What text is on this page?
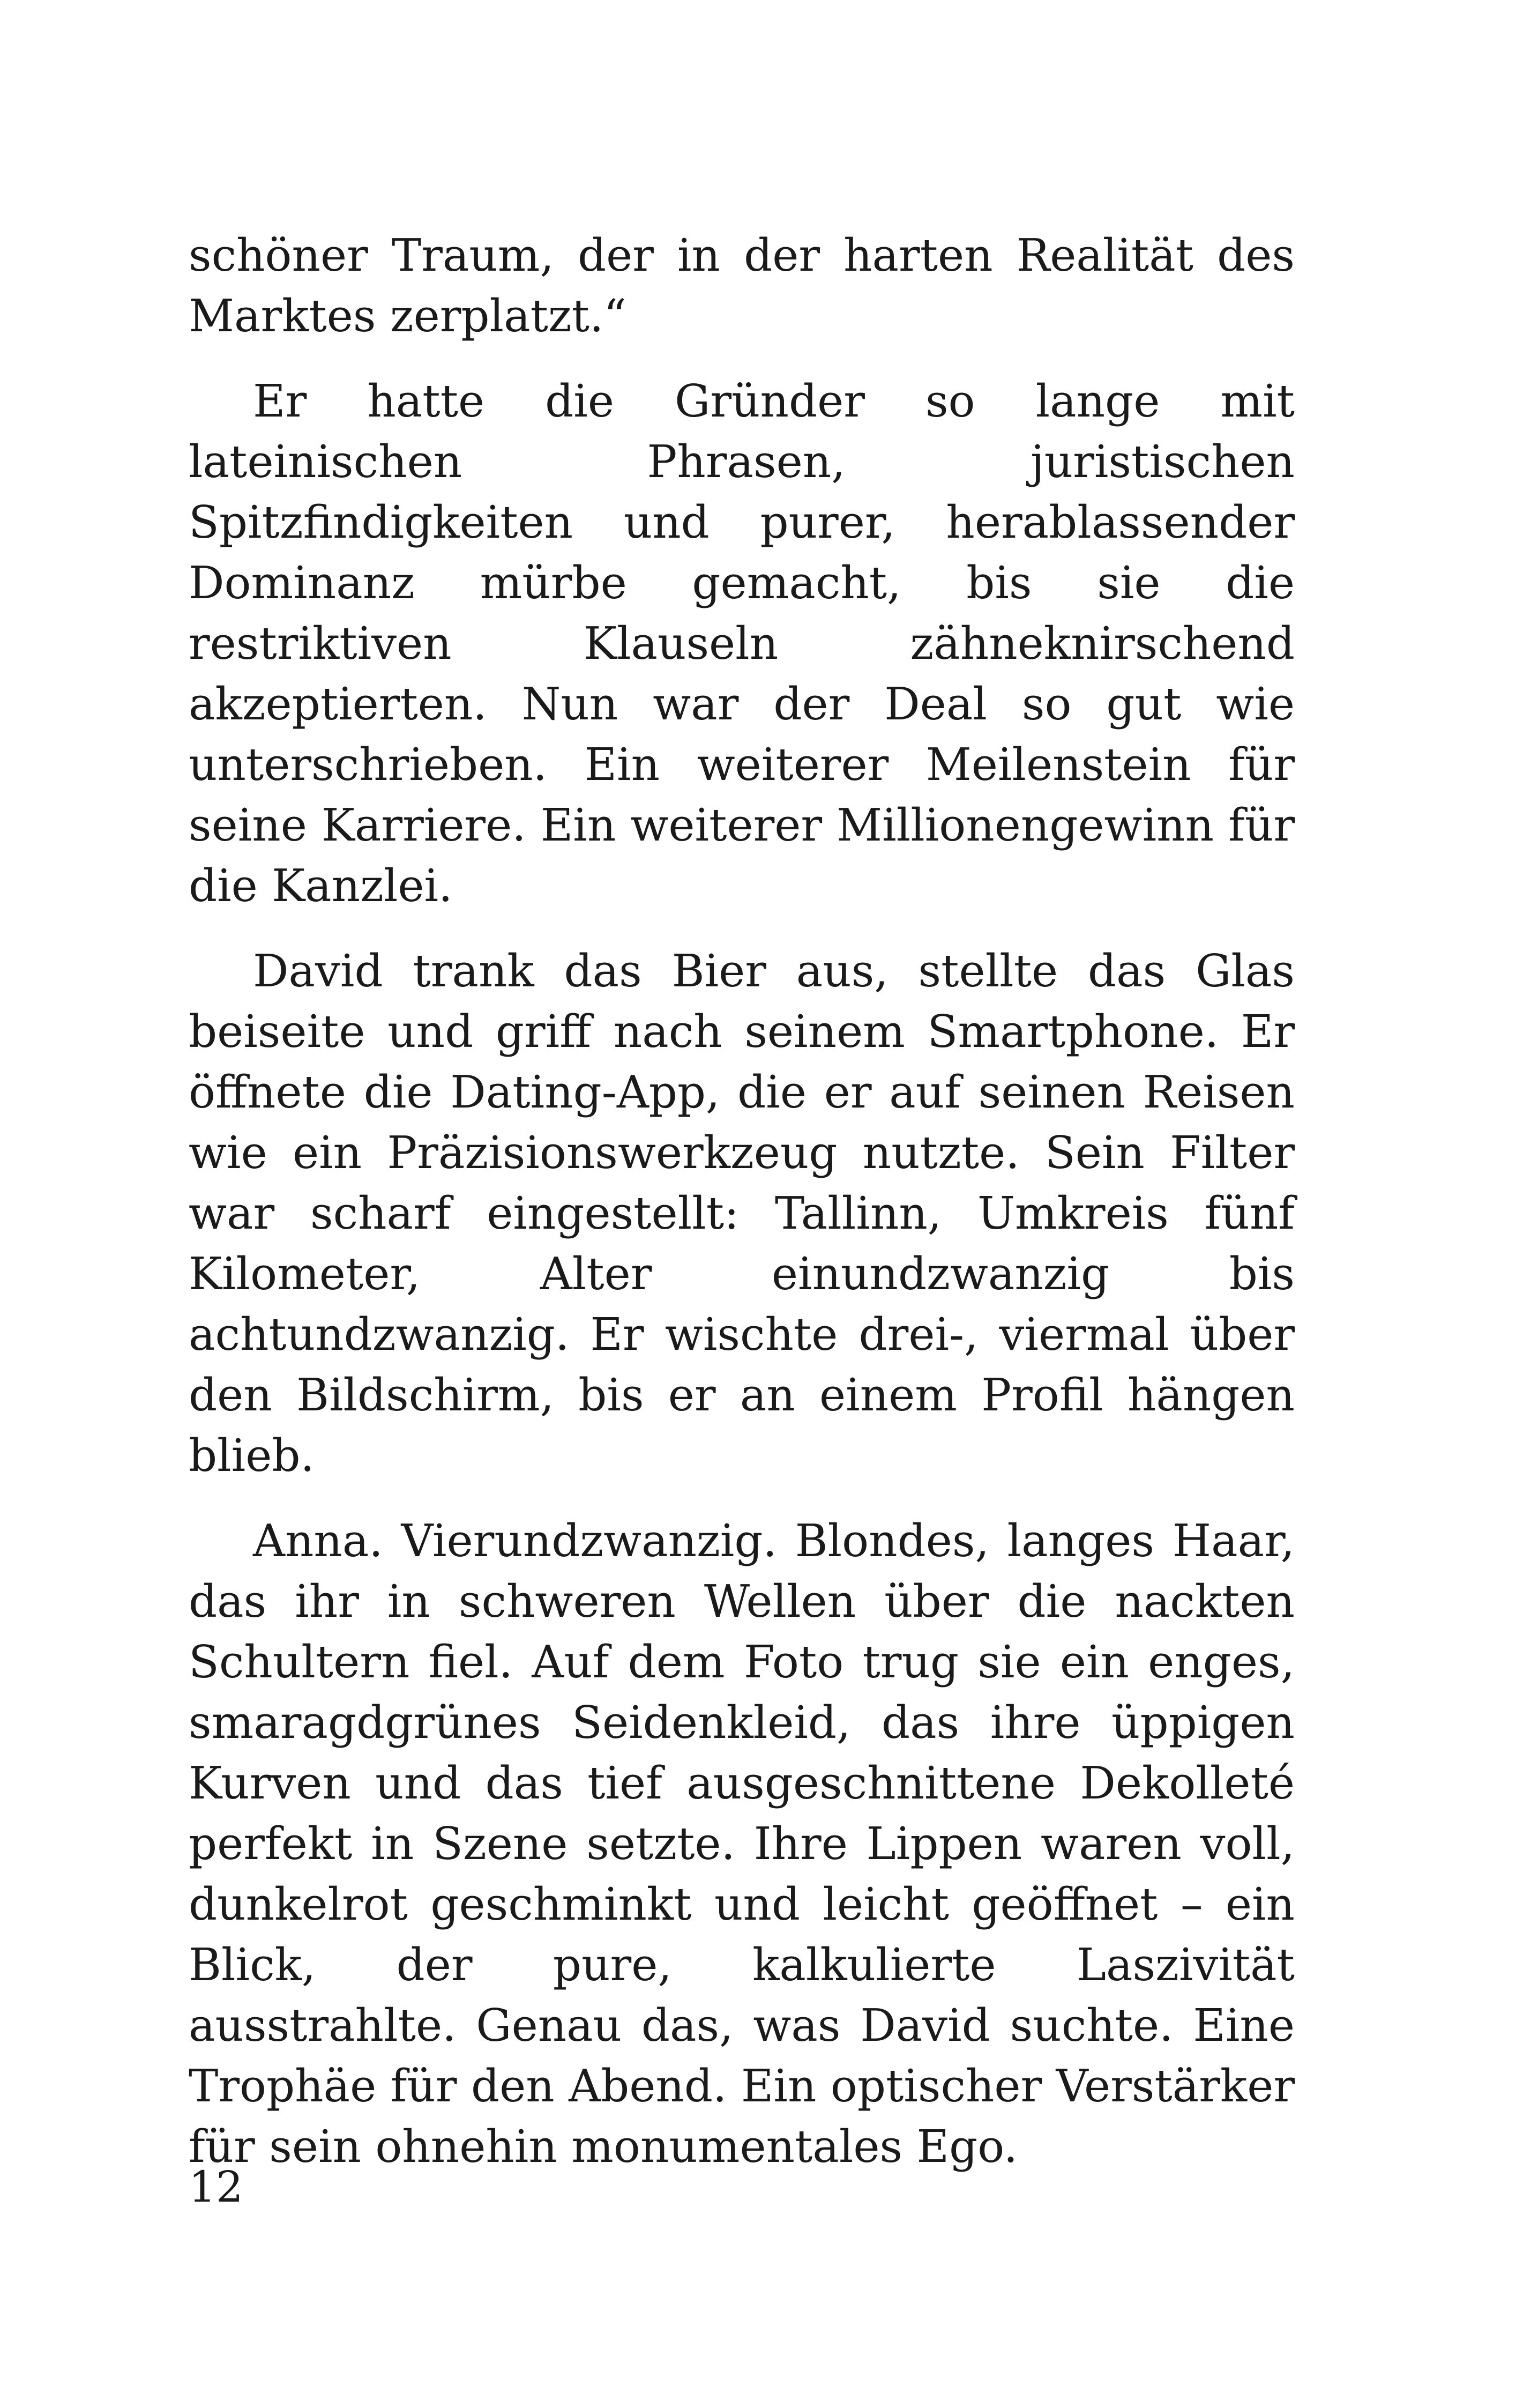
schöner Traum, der in der harten Realität des Marktes zerplatzt.“

Er hatte die Gründer so lange mit lateinischen Phrasen, juristischen Spitzfindigkeiten und purer, herablassender Dominanz mürbe gemacht, bis sie die restriktiven Klauseln zähneknirschend akzeptierten. Nun war der Deal so gut wie unterschrieben. Ein weiterer Meilenstein für seine Karriere. Ein weiterer Millionengewinn für die Kanzlei.

David trank das Bier aus, stellte das Glas beiseite und griff nach seinem Smartphone. Er öffnete die Dating-App, die er auf seinen Reisen wie ein Präzisionswerkzeug nutzte. Sein Filter war scharf eingestellt: Tallinn, Umkreis fünf Kilometer, Alter einundzwanzig bis achtundzwanzig. Er wischte drei-, viermal über den Bildschirm, bis er an einem Profil hängen blieb.

Anna. Vierundzwanzig. Blondes, langes Haar, das ihr in schweren Wellen über die nackten Schultern fiel. Auf dem Foto trug sie ein enges, smaragdgrünes Seidenkleid, das ihre üppigen Kurven und das tief ausgeschnittene Dekolleté perfekt in Szene setzte. Ihre Lippen waren voll, dunkelrot geschminkt und leicht geöffnet – ein Blick, der pure, kalkulierte Laszivität ausstrahlte. Genau das, was David suchte. Eine Trophäe für den Abend. Ein optischer Verstärker für sein ohnehin monumentales Ego.

12
